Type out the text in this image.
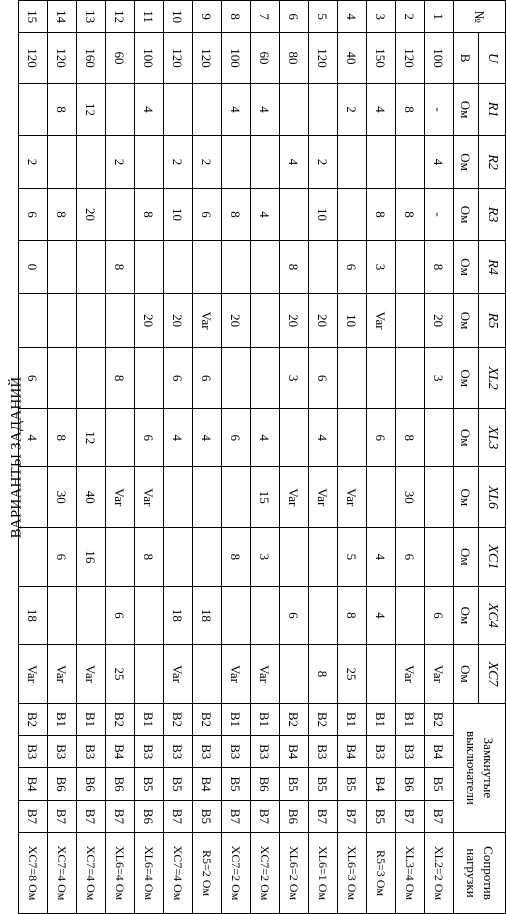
ВАРИАНТЫ ЗАДАНИЙ
№	U	R1	R2	R3	R4	R5	XL2	XL3	XL6	XC1	XC4	XC7	Замкнутые выключатели				Сопротив нагрузки
	В	Ом	Ом	Ом	Ом	Ом	Ом	Ом	Ом	Ом	Ом	Ом					
1	100	-	4	-	8	20	3				6	Var	В2	В4	В5	В7	XL2=2 Ом
2	120	8		8				8	30	6		Var	В1	В3	В6	В7	XL3=4 Ом
3	150	4		8	3	Var		6		4	4		В1	В3	В4	В5	R5=3 Ом
4	40	2			6	10			Var	5	8	25	В1	В4	В5	В7	XL6=3 Ом
5	120		2	10		20	6	4	Var			8	В2	В3	В5	В7	XL6=1 Ом
6	80		4		8	20	3		Var		6		В2	В4	В5	В6	XL6=2 Ом
7	60	4		4				4	15	3		Var	В1	В3	В6	В7	XC7=2 Ом
8	100	4		8		20		6		8		Var	В1	В3	В5	В7	XC7=2 Ом
9	120		2	6		Var	6	4			18		В2	В3	В4	В5	R5=2 Ом
10	120		2	10		20	6	4			18	Var	В2	В3	В5	В7	XC7=4 Ом
11	100	4		8		20		6	Var	8			В1	В3	В5	В6	XL6=4 Ом
12	60		2		8		8		Var		6	25	В2	В4	В6	В7	XL6=4 Ом
13	160	12		20				12	40	16		Var	В1	В3	В6	В7	XC7=4 Ом
14	120	8		8				8	30	6		Var	В1	В3	В6	В7	XC7=4 Ом
15	120		2	6	0		6	4			18	Var	В2	В3	В4	В7	XC7=8 Ом
